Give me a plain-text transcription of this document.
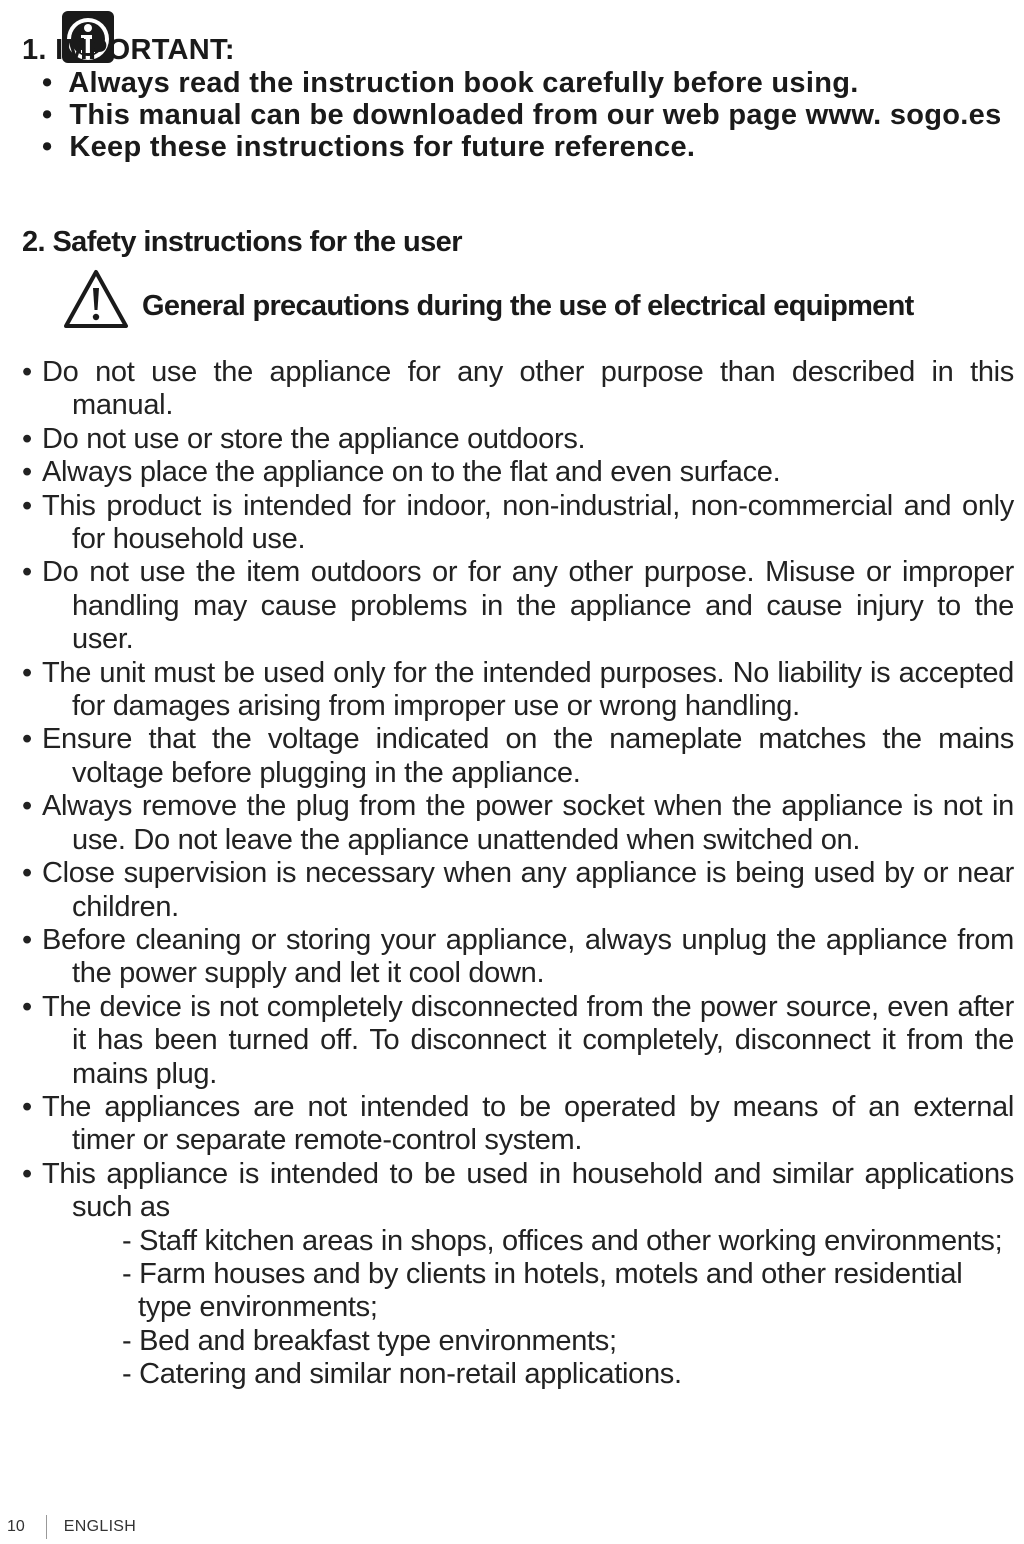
1. IMPORTANT:
• Always read the instruction book carefully before using.
• This manual can be downloaded from our web page www. sogo.es
• Keep these instructions for future reference.
2. Safety instructions for the user
General precautions during the use of electrical equipment
• Do not use the appliance for any other purpose than described in this manual.
• Do not use or store the appliance outdoors.
• Always place the appliance on to the flat and even surface.
• This product is intended for indoor, non-industrial, non-commercial and only for household use.
• Do not use the item outdoors or for any other purpose. Misuse or improper handling may cause problems in the appliance and cause injury to the user.
• The unit must be used only for the intended purposes. No liability is accepted for damages arising from improper use or wrong handling.
• Ensure that the voltage indicated on the nameplate matches the mains voltage before plugging in the appliance.
• Always remove the plug from the power socket when the appliance is not in use. Do not leave the appliance unattended when switched on.
• Close supervision is necessary when any appliance is being used by or near children.
• Before cleaning or storing your appliance, always unplug the appliance from the power supply and let it cool down.
• The device is not completely disconnected from the power source, even after it has been turned off. To disconnect it completely, disconnect it from the mains plug.
• The appliances are not intended to be operated by means of an external timer or separate remote-control system.
• This appliance is intended to be used in household and similar applications such as
- Staff kitchen areas in shops, offices and other working environments;
- Farm houses and by clients in hotels, motels and other residential type environments;
- Bed and breakfast type environments;
- Catering and similar non-retail applications.
10 ENGLISH
